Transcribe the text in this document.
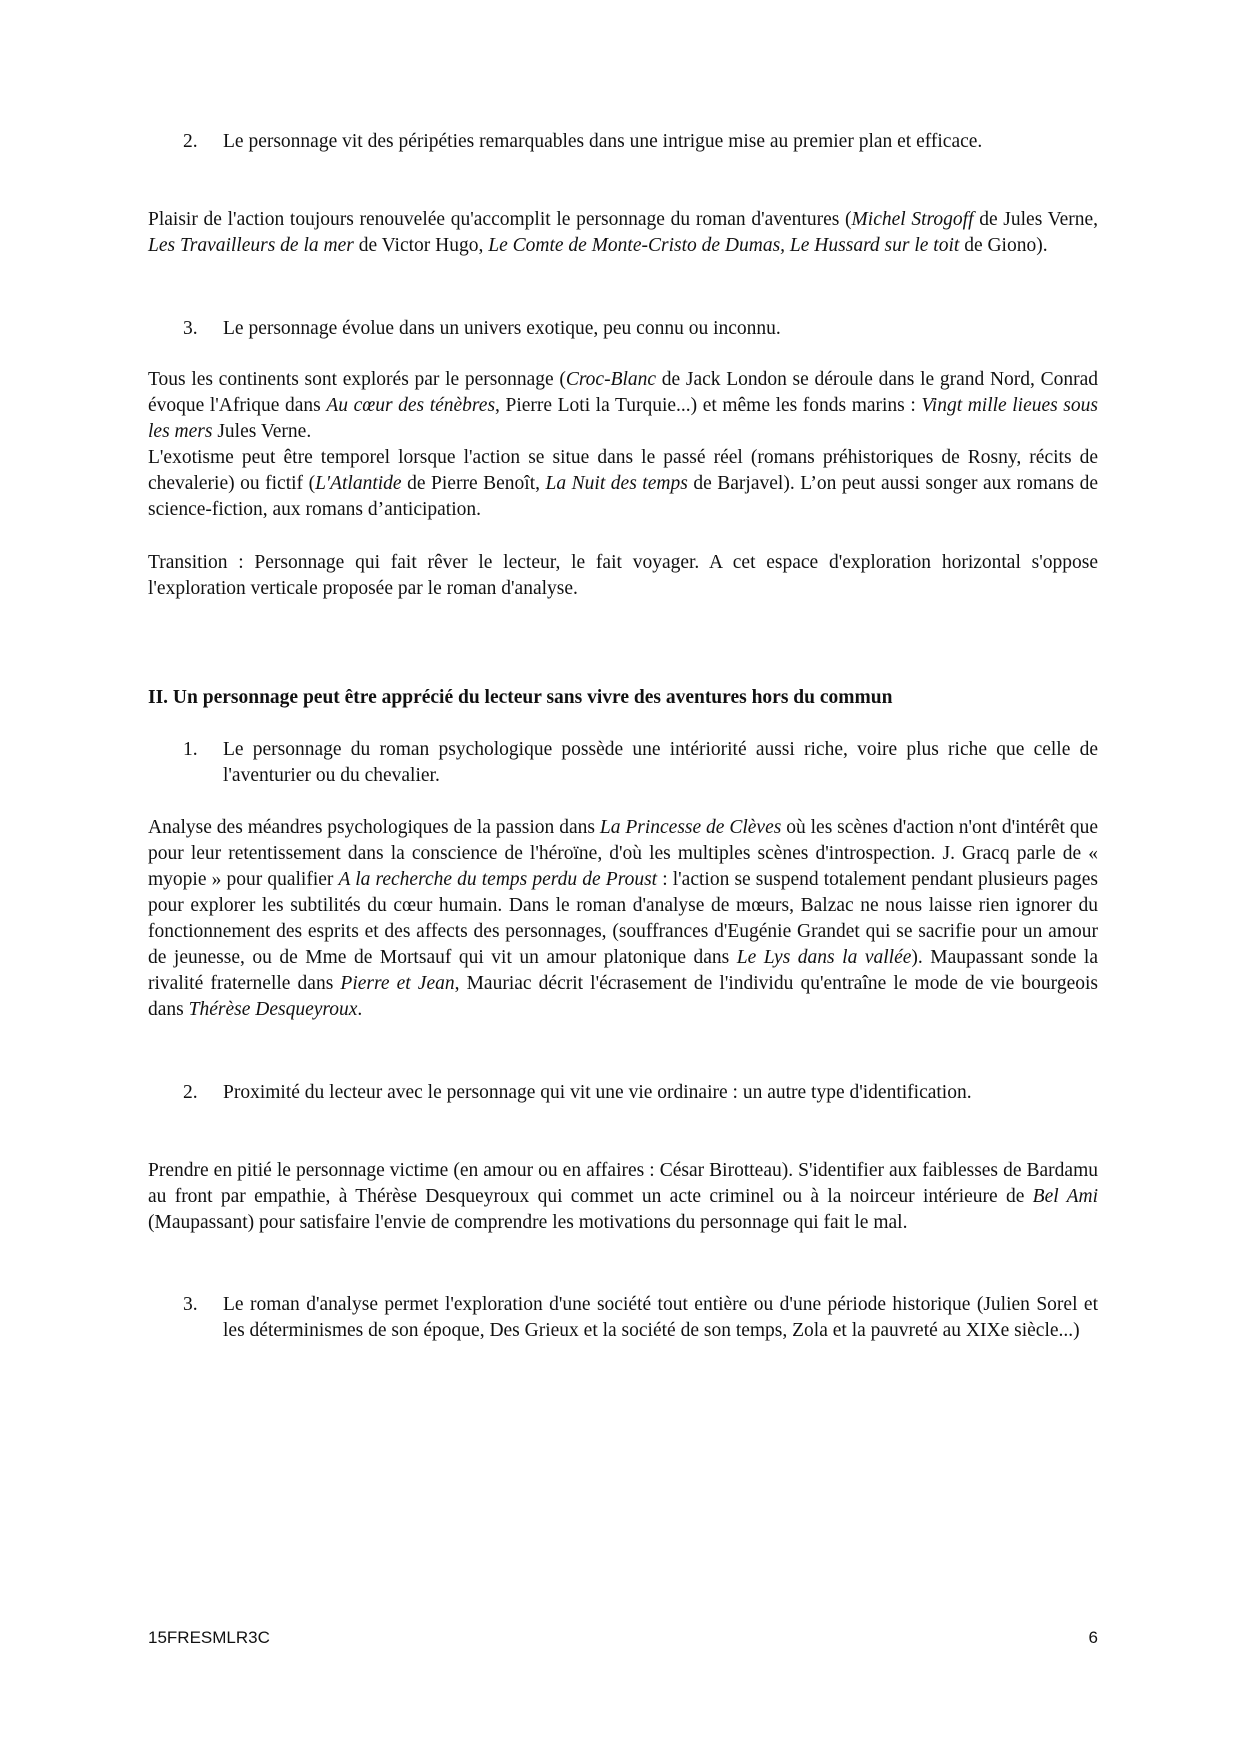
2. Le personnage vit des péripéties remarquables dans une intrigue mise au premier plan et efficace.

Plaisir de l'action toujours renouvelée qu'accomplit le personnage du roman d'aventures (Michel Strogoff de Jules Verne, Les Travailleurs de la mer de Victor Hugo, Le Comte de Monte-Cristo de Dumas, Le Hussard sur le toit de Giono).

3. Le personnage évolue dans un univers exotique, peu connu ou inconnu.

Tous les continents sont explorés par le personnage (Croc-Blanc de Jack London se déroule dans le grand Nord, Conrad évoque l'Afrique dans Au cœur des ténèbres, Pierre Loti la Turquie...) et même les fonds marins : Vingt mille lieues sous les mers Jules Verne.

L'exotisme peut être temporel lorsque l'action se situe dans le passé réel (romans préhistoriques de Rosny, récits de chevalerie) ou fictif (L'Atlantide de Pierre Benoît, La Nuit des temps de Barjavel). L’on peut aussi songer aux romans de science-fiction, aux romans d’anticipation.

Transition : Personnage qui fait rêver le lecteur, le fait voyager. A cet espace d'exploration horizontal s'oppose l'exploration verticale proposée par le roman d'analyse.

II. Un personnage peut être apprécié du lecteur sans vivre des aventures hors du commun

1. Le personnage du roman psychologique possède une intériorité aussi riche, voire plus riche que celle de l'aventurier ou du chevalier.

Analyse des méandres psychologiques de la passion dans La Princesse de Clèves où les scènes d'action n'ont d'intérêt que pour leur retentissement dans la conscience de l'héroïne, d'où les multiples scènes d'introspection. J. Gracq parle de « myopie » pour qualifier A la recherche du temps perdu de Proust : l'action se suspend totalement pendant plusieurs pages pour explorer les subtilités du cœur humain. Dans le roman d'analyse de mœurs, Balzac ne nous laisse rien ignorer du fonctionnement des esprits et des affects des personnages, (souffrances d'Eugénie Grandet qui se sacrifie pour un amour de jeunesse, ou de Mme de Mortsauf qui vit un amour platonique dans Le Lys dans la vallée). Maupassant sonde la rivalité fraternelle dans Pierre et Jean, Mauriac décrit l'écrasement de l'individu qu'entraîne le mode de vie bourgeois dans Thérèse Desqueyroux.

2. Proximité du lecteur avec le personnage qui vit une vie ordinaire : un autre type d'identification.

Prendre en pitié le personnage victime (en amour ou en affaires : César Birotteau). S'identifier aux faiblesses de Bardamu au front par empathie, à Thérèse Desqueyroux qui commet un acte criminel ou à la noirceur intérieure de Bel Ami (Maupassant) pour satisfaire l'envie de comprendre les motivations du personnage qui fait le mal.

3. Le roman d'analyse permet l'exploration d'une société tout entière ou d'une période historique (Julien Sorel et les déterminismes de son époque, Des Grieux et la société de son temps, Zola et la pauvreté au XIXe siècle...)
15FRESMLR3C	6
